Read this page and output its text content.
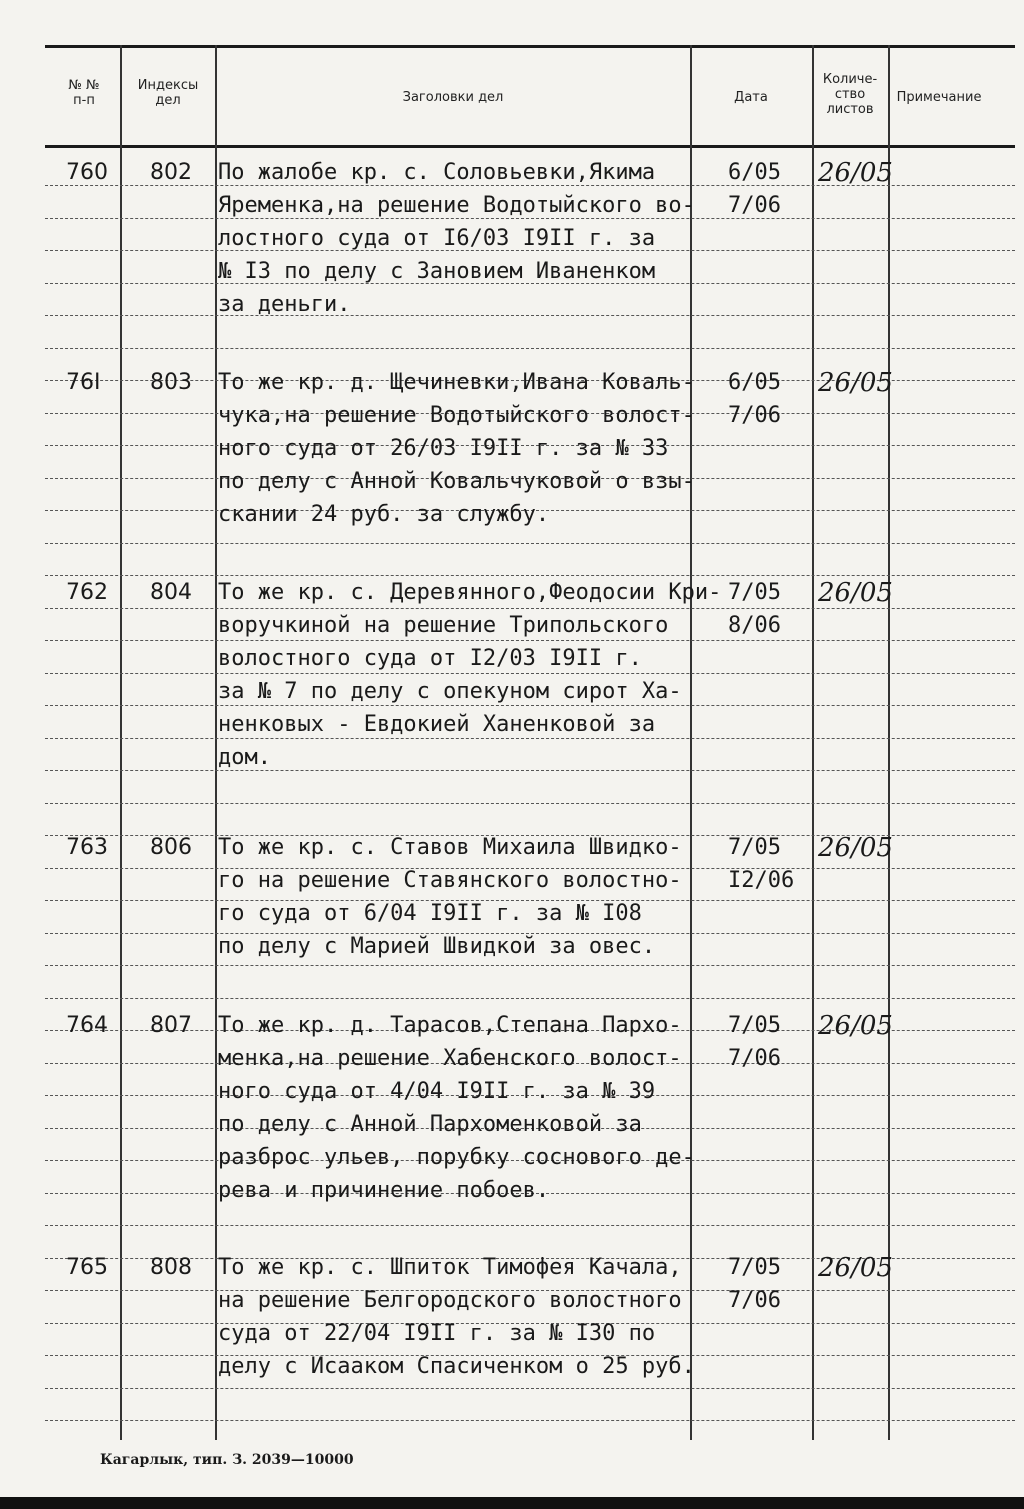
№ №
п-п
Индексы
дел	Заголовки дел	Дата
Количе-
ство
листов
Примечание
760 802 По жалобе кр. с. Соловьевки,Якима
Яременка,на решение Водотыйского во-
лостного суда от I6/03 I9II г. за
№ I3 по делу с Зановием Иваненком
за деньги.
6/05
7/06
26/05
76I 803 То же кр. д. Щечиневки,Ивана Коваль-
чука,на решение Водотыйского волост-
ного суда от 26/03 I9II г. за № 33
по делу с Анной Ковальчуковой о взы-
скании 24 руб. за службу.
6/05
7/06
26/05
762 804 То же кр. с. Деревянного,Феодосии Кри-
воручкиной на решение Трипольского
волостного суда от I2/03 I9II г.
за № 7 по делу с опекуном сирот Ха-
ненковых - Евдокией Ханенковой за
дом.
7/05
8/06
26/05
763 806 То же кр. с. Ставов Михаила Швидко-
го на решение Ставянского волостно-
го суда от 6/04 I9II г. за № I08
по делу с Марией Швидкой за овес.
7/05
I2/06
26/05
764 807 То же кр. д. Тарасов,Степана Пархо-
менка,на решение Хабенского волост-
ного суда от 4/04 I9II г. за № 39
по делу с Анной Пархоменковой за
разброс ульев, порубку соснового де-
рева и причинение побоев.
7/05
7/06
26/05
765 808 То же кр. с. Шпиток Тимофея Качала,
на решение Белгородского волостного
суда от 22/04 I9II г. за № I30 по
делу с Исааком Спасиченком о 25 руб.
7/05
7/06
26/05
Кагарлык, тип. З. 2039—10000
